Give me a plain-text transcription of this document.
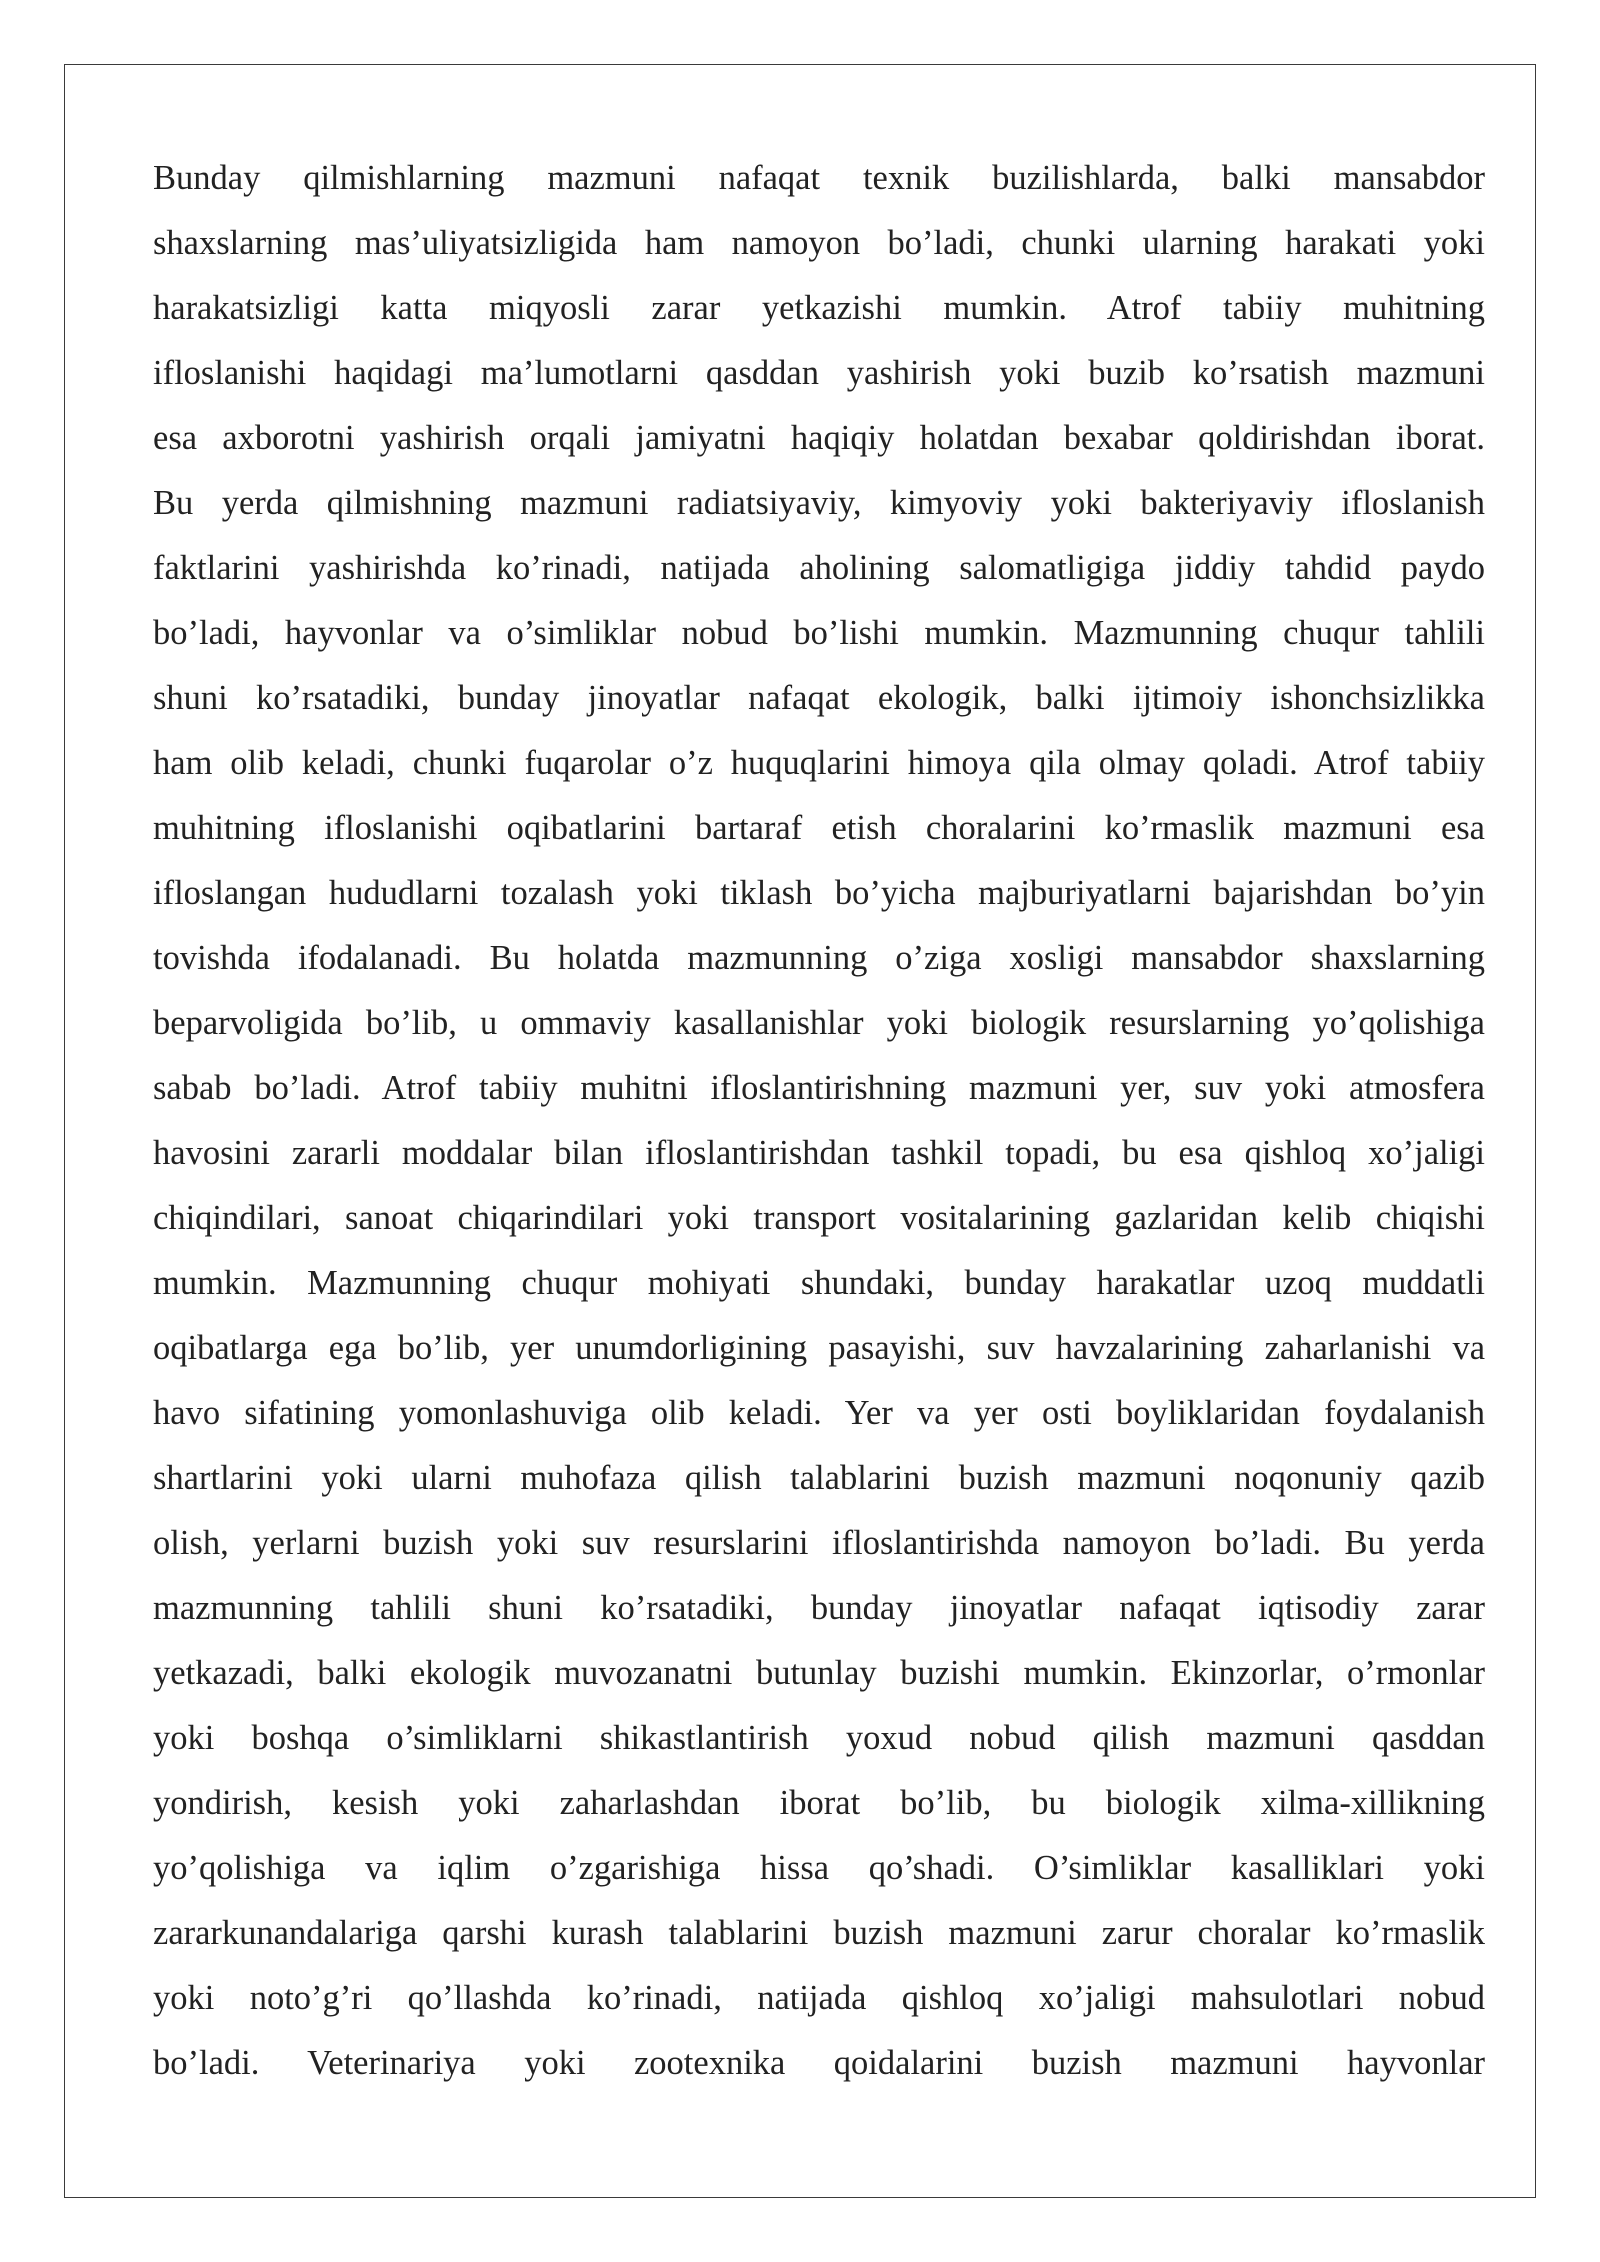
Bunday qilmishlarning mazmuni nafaqat texnik buzilishlarda, balki mansabdor
shaxslarning mas’uliyatsizligida ham namoyon bo’ladi, chunki ularning harakati yoki
harakatsizligi katta miqyosli zarar yetkazishi mumkin. Atrof tabiiy muhitning
ifloslanishi haqidagi ma’lumotlarni qasddan yashirish yoki buzib ko’rsatish mazmuni
esa axborotni yashirish orqali jamiyatni haqiqiy holatdan bexabar qoldirishdan iborat.
Bu yerda qilmishning mazmuni radiatsiyaviy, kimyoviy yoki bakteriyaviy ifloslanish
faktlarini yashirishda ko’rinadi, natijada aholining salomatligiga jiddiy tahdid paydo
bo’ladi, hayvonlar va o’simliklar nobud bo’lishi mumkin. Mazmunning chuqur tahlili
shuni ko’rsatadiki, bunday jinoyatlar nafaqat ekologik, balki ijtimoiy ishonchsizlikka
ham olib keladi, chunki fuqarolar o’z huquqlarini himoya qila olmay qoladi. Atrof tabiiy
muhitning ifloslanishi oqibatlarini bartaraf etish choralarini ko’rmaslik mazmuni esa
ifloslangan hududlarni tozalash yoki tiklash bo’yicha majburiyatlarni bajarishdan bo’yin
tovishda ifodalanadi. Bu holatda mazmunning o’ziga xosligi mansabdor shaxslarning
beparvoligida bo’lib, u ommaviy kasallanishlar yoki biologik resurslarning yo’qolishiga
sabab bo’ladi. Atrof tabiiy muhitni ifloslantirishning mazmuni yer, suv yoki atmosfera
havosini zararli moddalar bilan ifloslantirishdan tashkil topadi, bu esa qishloq xo’jaligi
chiqindilari, sanoat chiqarindilari yoki transport vositalarining gazlaridan kelib chiqishi
mumkin. Mazmunning chuqur mohiyati shundaki, bunday harakatlar uzoq muddatli
oqibatlarga ega bo’lib, yer unumdorligining pasayishi, suv havzalarining zaharlanishi va
havo sifatining yomonlashuviga olib keladi. Yer va yer osti boyliklaridan foydalanish
shartlarini yoki ularni muhofaza qilish talablarini buzish mazmuni noqonuniy qazib
olish, yerlarni buzish yoki suv resurslarini ifloslantirishda namoyon bo’ladi. Bu yerda
mazmunning tahlili shuni ko’rsatadiki, bunday jinoyatlar nafaqat iqtisodiy zarar
yetkazadi, balki ekologik muvozanatni butunlay buzishi mumkin. Ekinzorlar, o’rmonlar
yoki boshqa o’simliklarni shikastlantirish yoxud nobud qilish mazmuni qasddan
yondirish, kesish yoki zaharlashdan iborat bo’lib, bu biologik xilma-xillikning
yo’qolishiga va iqlim o’zgarishiga hissa qo’shadi. O’simliklar kasalliklari yoki
zararkunandalariga qarshi kurash talablarini buzish mazmuni zarur choralar ko’rmaslik
yoki noto’g’ri qo’llashda ko’rinadi, natijada qishloq xo’jaligi mahsulotlari nobud
bo’ladi. Veterinariya yoki zootexnika qoidalarini buzish mazmuni hayvonlar
